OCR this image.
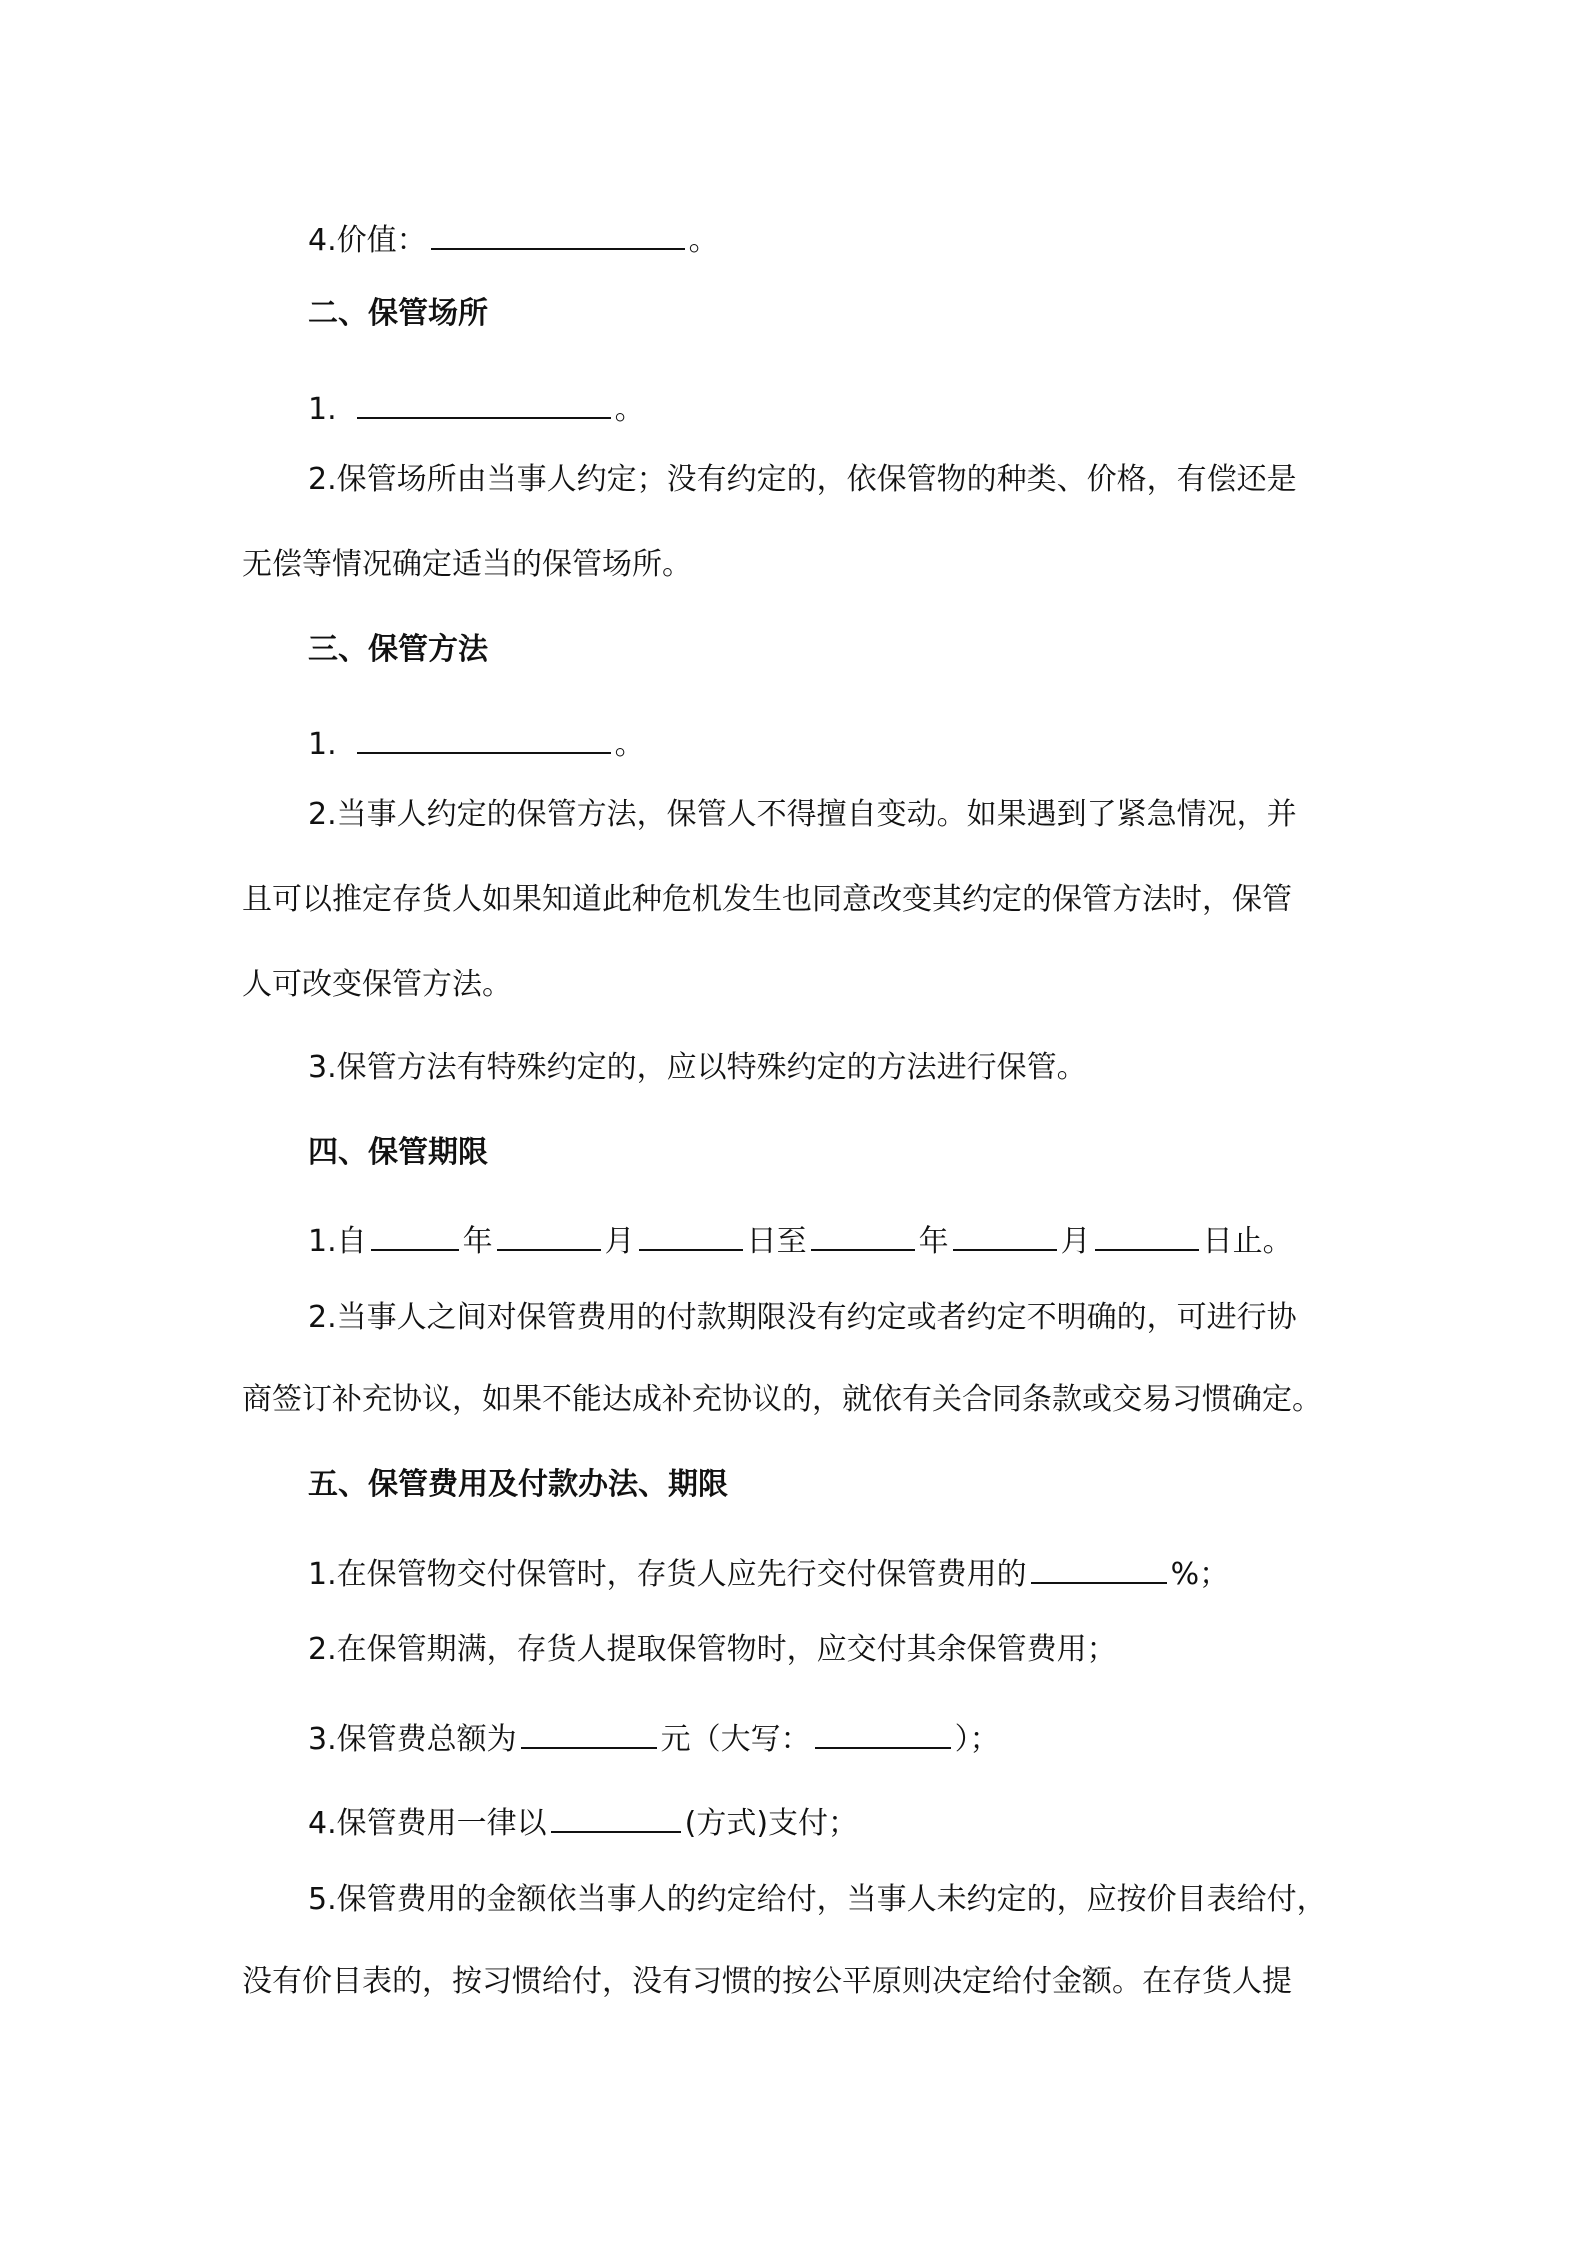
4.价值：	。
二、保管场所
1.	。
2.保管场所由当事人约定；没有约定的，依保管物的种类、价格，有偿还是
无偿等情况确定适当的保管场所。
三、保管方法
1.	。
2.当事人约定的保管方法，保管人不得擅自变动。如果遇到了紧急情况，并
且可以推定存货人如果知道此种危机发生也同意改变其约定的保管方法时，保管
人可改变保管方法。
3.保管方法有特殊约定的，应以特殊约定的方法进行保管。
四、保管期限
1.自	年	月	日至	年	月	日止。
2.当事人之间对保管费用的付款期限没有约定或者约定不明确的，可进行协
商签订补充协议，如果不能达成补充协议的，就依有关合同条款或交易习惯确定。
五、保管费用及付款办法、期限
1.在保管物交付保管时，存货人应先行交付保管费用的	%；
2.在保管期满，存货人提取保管物时，应交付其余保管费用；
3.保管费总额为	元（大写：	）；
4.保管费用一律以	(方式)支付；
5.保管费用的金额依当事人的约定给付，当事人未约定的，应按价目表给付，
没有价目表的，按习惯给付，没有习惯的按公平原则决定给付金额。在存货人提
